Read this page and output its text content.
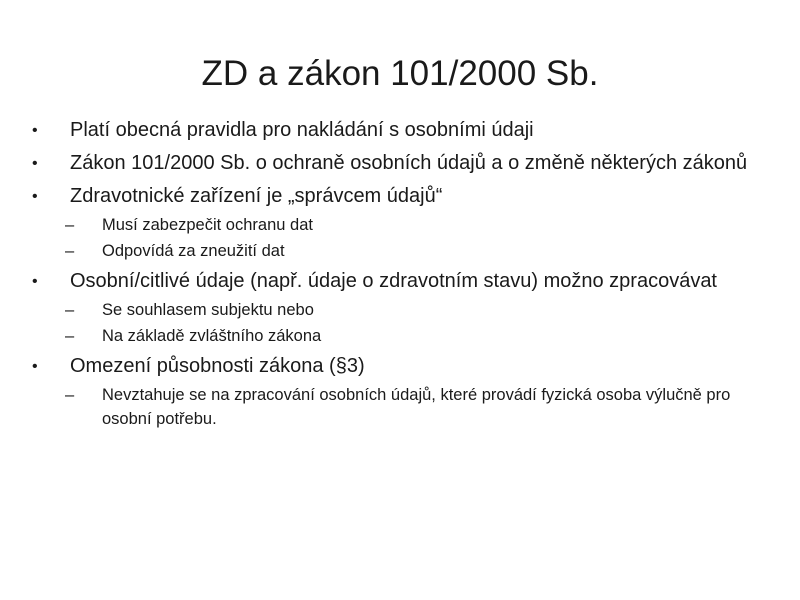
ZD a zákon 101/2000 Sb.
•	Platí obecná pravidla pro nakládání s osobními údaji
•	Zákon 101/2000 Sb. o ochraně osobních údajů a o změně některých zákonů
•	Zdravotnické zařízení je „správcem údajů“
–	Musí zabezpečit ochranu dat
–	Odpovídá za zneužití dat
•	Osobní/citlivé údaje (např. údaje o zdravotním stavu) možno zpracovávat
–	Se souhlasem subjektu nebo
–	Na základě zvláštního zákona
•	Omezení působnosti zákona (§3)
–	Nevztahuje se na zpracování osobních údajů, které provádí fyzická osoba výlučně pro osobní potřebu.
